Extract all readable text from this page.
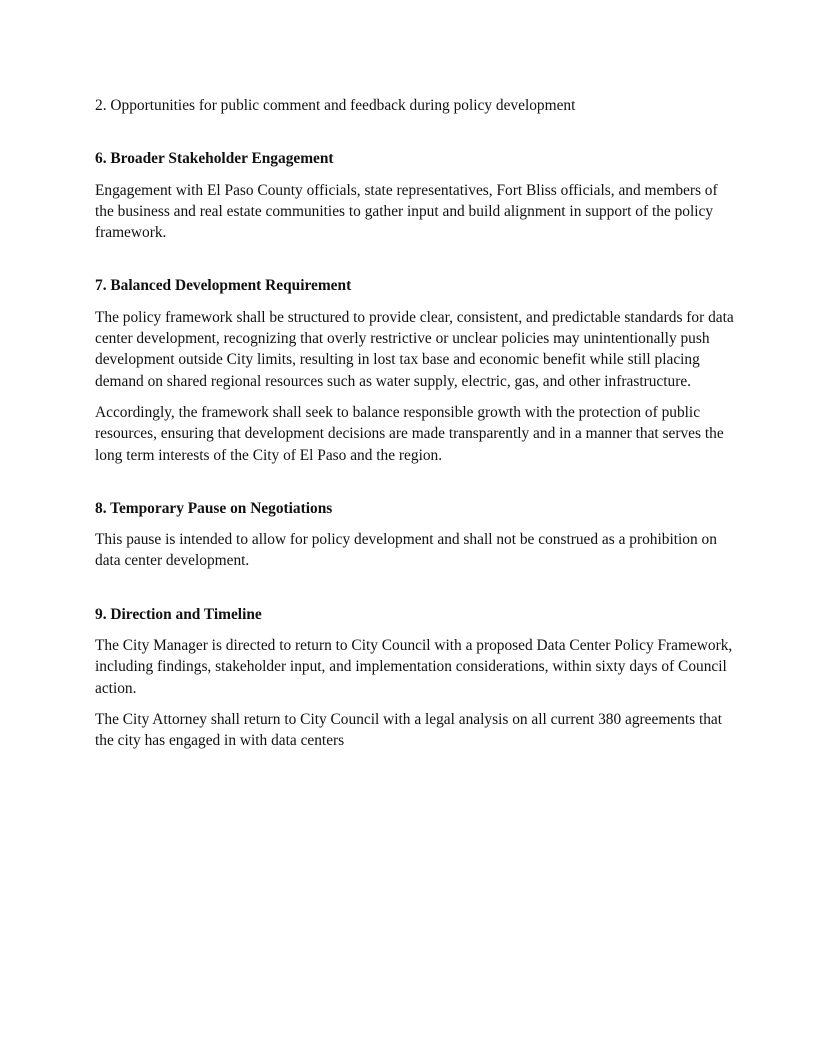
2. Opportunities for public comment and feedback during policy development

6. Broader Stakeholder Engagement

Engagement with El Paso County officials, state representatives, Fort Bliss officials, and members of the business and real estate communities to gather input and build alignment in support of the policy framework.

7. Balanced Development Requirement

The policy framework shall be structured to provide clear, consistent, and predictable standards for data center development, recognizing that overly restrictive or unclear policies may unintentionally push development outside City limits, resulting in lost tax base and economic benefit while still placing demand on shared regional resources such as water supply, electric, gas, and other infrastructure.

Accordingly, the framework shall seek to balance responsible growth with the protection of public resources, ensuring that development decisions are made transparently and in a manner that serves the long term interests of the City of El Paso and the region.

8. Temporary Pause on Negotiations

This pause is intended to allow for policy development and shall not be construed as a prohibition on data center development.

9. Direction and Timeline

The City Manager is directed to return to City Council with a proposed Data Center Policy Framework, including findings, stakeholder input, and implementation considerations, within sixty days of Council action.

The City Attorney shall return to City Council with a legal analysis on all current 380 agreements that the city has engaged in with data centers
